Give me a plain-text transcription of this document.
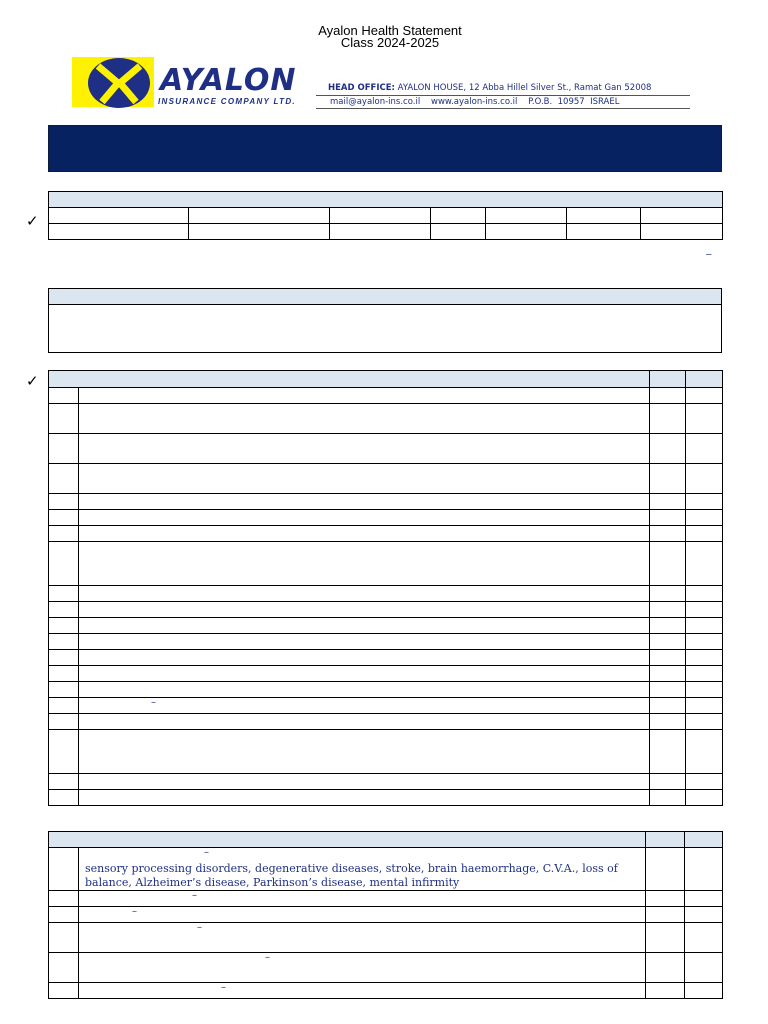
Ayalon Health Statement
Class 2024-2025
AYALON
INSURANCE COMPANY LTD.
HEAD OFFICE: AYALON HOUSE, 12 Abba Hillel Silver St., Ramat Gan 52008
mail@ayalon-ins.co.il www.ayalon-ins.co.il P.O.B. 10957 ISRAEL
✓

–

✓

	–		

	–
sensory processing disorders, degenerative diseases, stroke, brain haemorrhage, C.V.A., loss of balance, Alzheimer’s disease, Parkinson’s disease, mental infirmity		

	–		

	–		

	–		

	–		

	–		
